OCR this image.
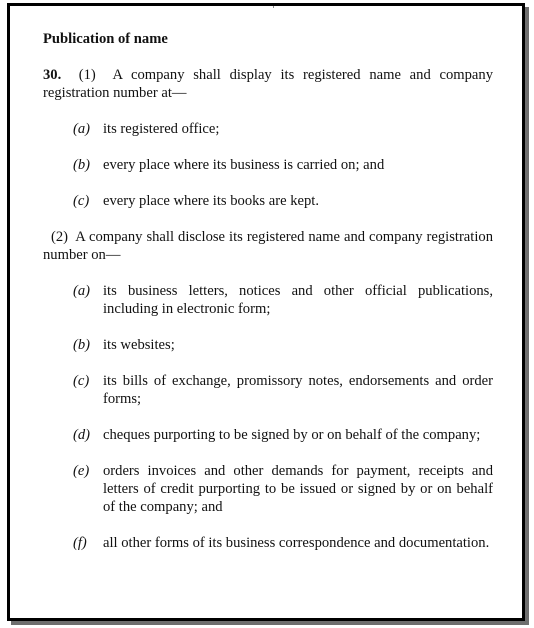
Publication of name
30. (1) A company shall display its registered name and company registration number at—
(a) its registered office;
(b) every place where its business is carried on; and
(c) every place where its books are kept.
(2) A company shall disclose its registered name and company registration number on—
(a) its business letters, notices and other official publications, including in electronic form;
(b) its websites;
(c) its bills of exchange, promissory notes, endorsements and order forms;
(d) cheques purporting to be signed by or on behalf of the company;
(e) orders invoices and other demands for payment, receipts and letters of credit purporting to be issued or signed by or on behalf of the company; and
(f) all other forms of its business correspondence and documentation.
